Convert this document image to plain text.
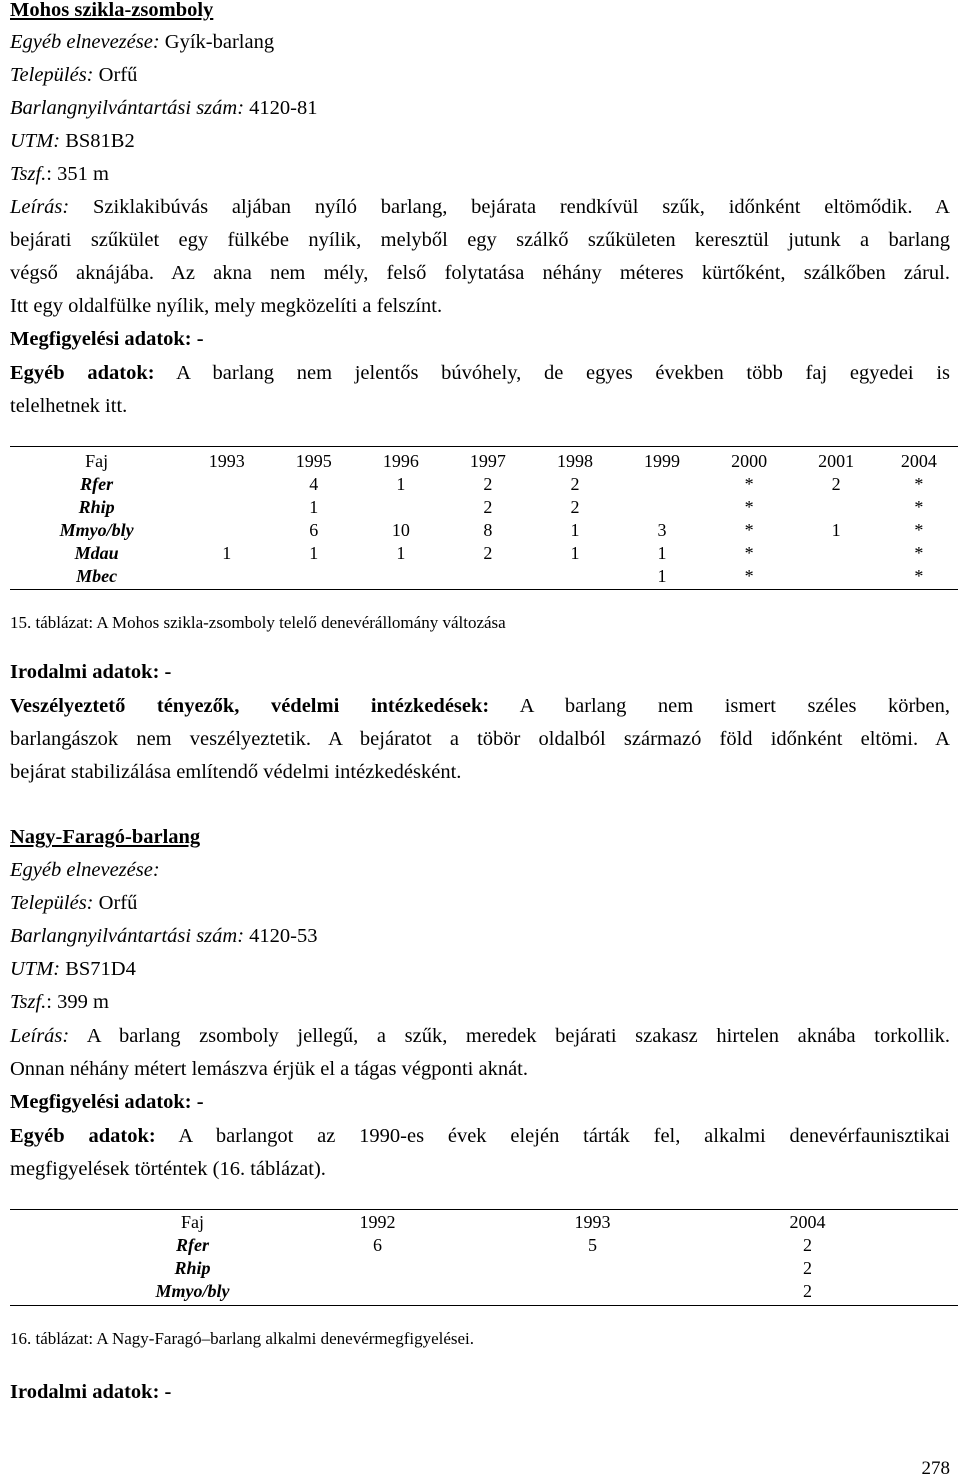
Mohos szikla-zsomboly
Egyéb elnevezése: Gyík-barlang
Település: Orfű
Barlangnyilvántartási szám: 4120-81
UTM: BS81B2
Tszf.: 351 m
Leírás: Sziklakibúvás aljában nyíló barlang, bejárata rendkívül szűk, időnként eltömődik. A
bejárati szűkület egy fülkébe nyílik, melyből egy szálkő szűkületen keresztül jutunk a barlang
végső aknájába. Az akna nem mély, felső folytatása néhány méteres kürtőként, szálkőben zárul.
Itt egy oldalfülke nyílik, mely megközelíti a felszínt.
Megfigyelési adatok: -
Egyéb adatok: A barlang nem jelentős búvóhely, de egyes években több faj egyedei is
telelhetnek itt.
Faj	1993	1995	1996	1997	1998	1999	2000	2001	2004
Rfer		4	1	2	2		*	2	*
Rhip		1		2	2		*		*
Mmyo/bly		6	10	8	1	3	*	1	*
Mdau	1	1	1	2	1	1	*		*
Mbec						1	*		*
15. táblázat: A Mohos szikla-zsomboly telelő denevérállomány változása
Irodalmi adatok: -
Veszélyeztető tényezők, védelmi intézkedések: A barlang nem ismert széles körben,
barlangászok nem veszélyeztetik. A bejáratot a töbör oldalból származó föld időnként eltömi. A
bejárat stabilizálása említendő védelmi intézkedésként.
Nagy-Faragó-barlang
Egyéb elnevezése:
Település: Orfű
Barlangnyilvántartási szám: 4120-53
UTM: BS71D4
Tszf.: 399 m
Leírás: A barlang zsomboly jellegű, a szűk, meredek bejárati szakasz hirtelen aknába torkollik.
Onnan néhány métert lemászva érjük el a tágas végponti aknát.
Megfigyelési adatok: -
Egyéb adatok: A barlangot az 1990-es évek elején tárták fel, alkalmi denevérfaunisztikai
megfigyelések történtek (16. táblázat).
Faj	1992	1993	2004
Rfer	6	5	2
Rhip			2
Mmyo/bly			2
16. táblázat: A Nagy-Faragó–barlang alkalmi denevérmegfigyelései.
Irodalmi adatok: -
278
